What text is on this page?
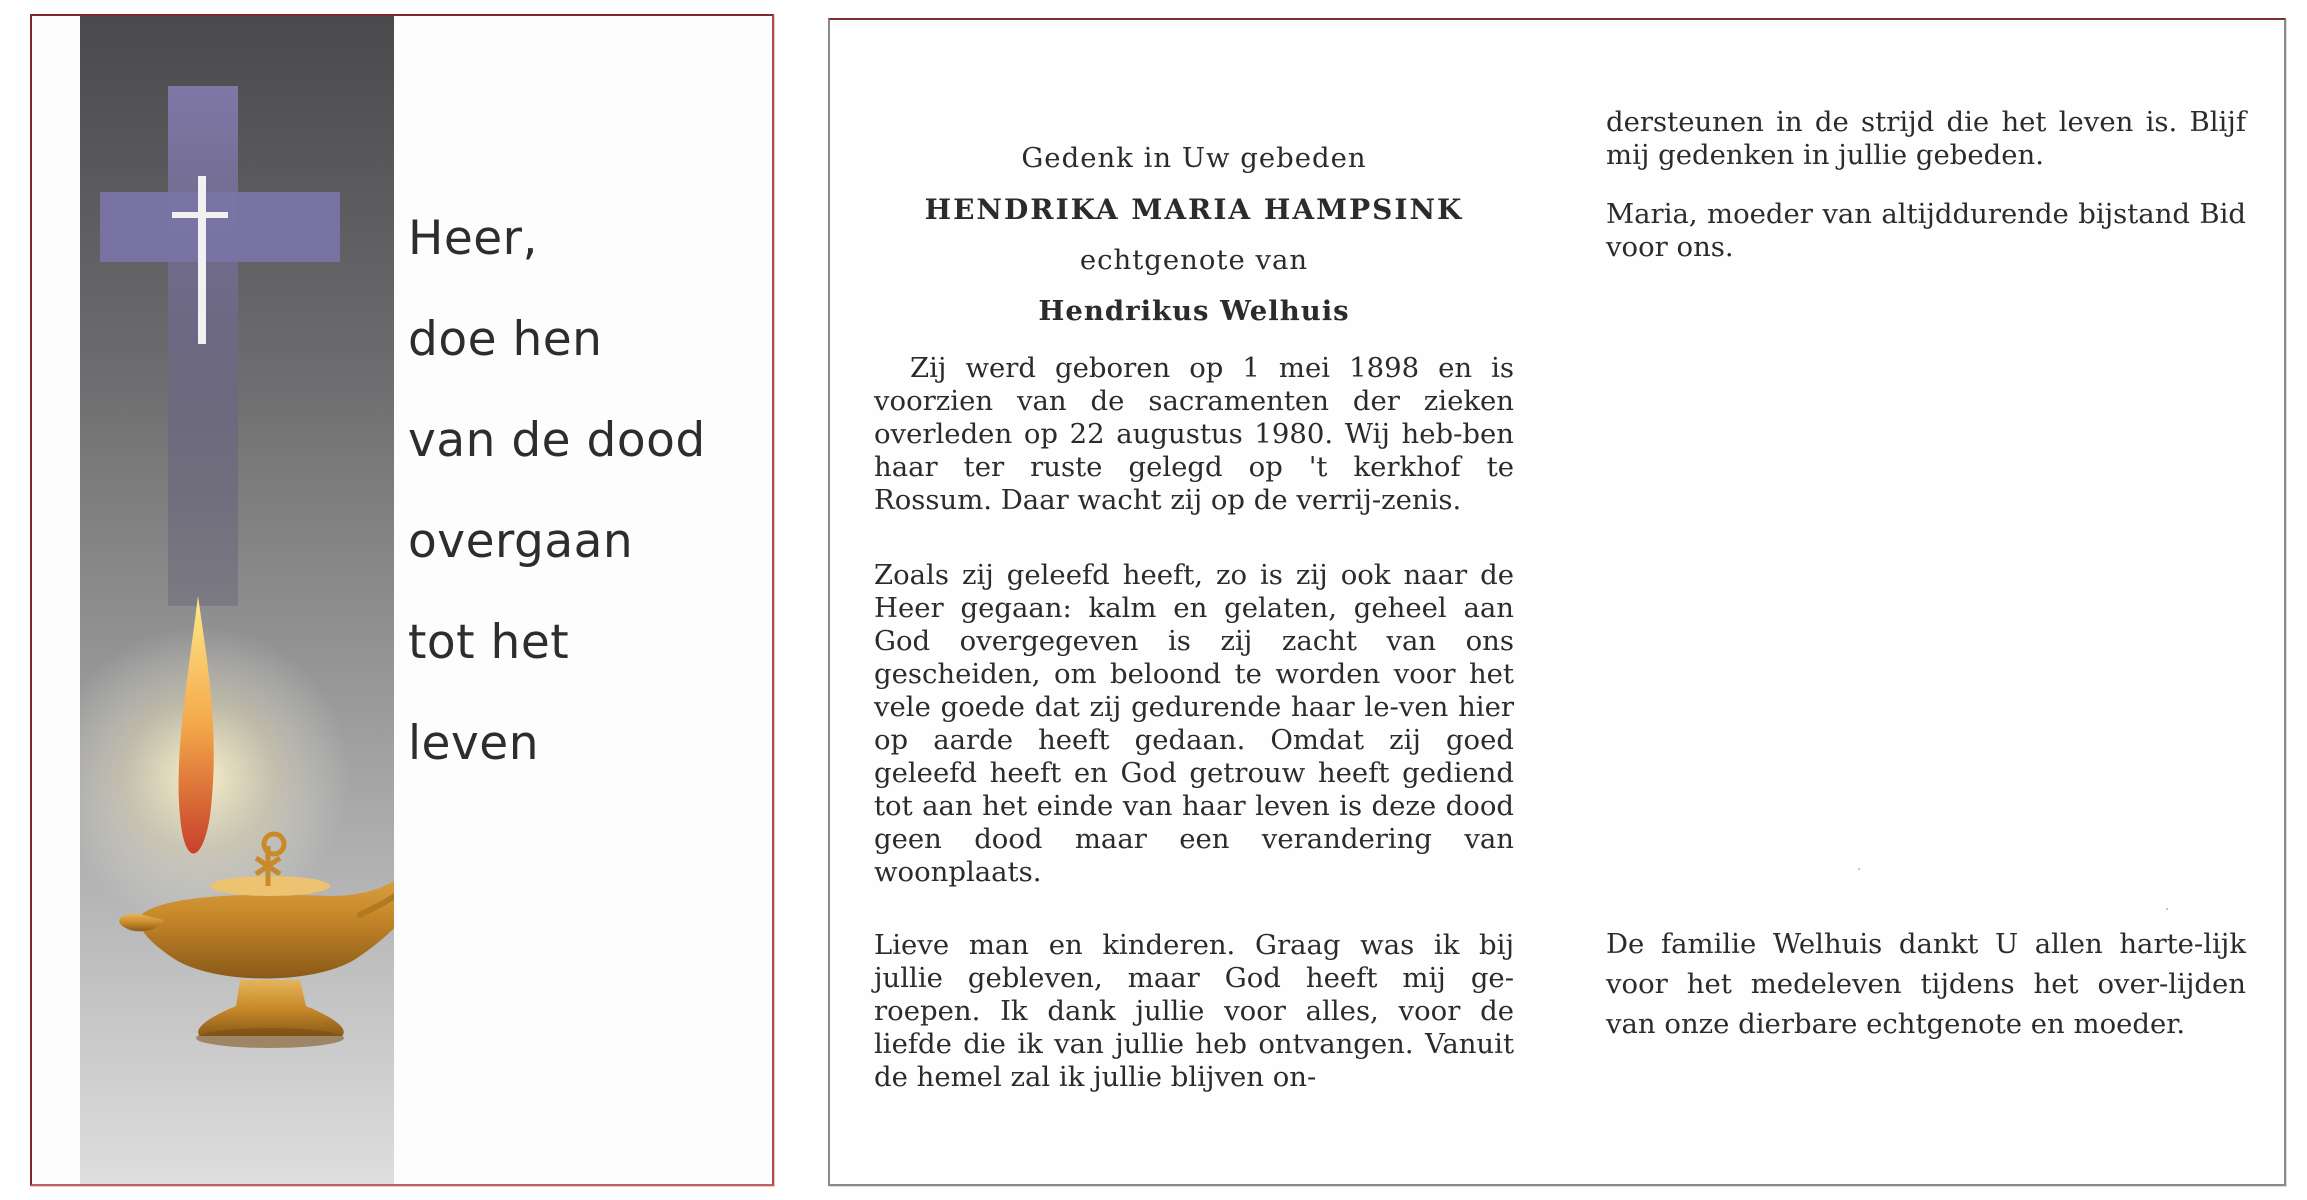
Heer,
doe hen
van de dood
overgaan
tot het
leven
Gedenk in Uw gebeden
HENDRIKA MARIA HAMPSINK
echtgenote van
Hendrikus Welhuis

Zij werd geboren op 1 mei 1898 en is voorzien van de sacramenten der zieken overleden op 22 augustus 1980. Wij heb-ben haar ter ruste gelegd op 't kerkhof te Rossum. Daar wacht zij op de verrij-zenis.

Zoals zij geleefd heeft, zo is zij ook naar de Heer gegaan: kalm en gelaten, geheel aan God overgegeven is zij zacht van ons gescheiden, om beloond te worden voor het vele goede dat zij gedurende haar le-ven hier op aarde heeft gedaan. Omdat zij goed geleefd heeft en God getrouw heeft gediend tot aan het einde van haar leven is deze dood geen dood maar een verandering van woonplaats.

Lieve man en kinderen. Graag was ik bij jullie gebleven, maar God heeft mij ge-roepen. Ik dank jullie voor alles, voor de liefde die ik van jullie heb ontvangen. Vanuit de hemel zal ik jullie blijven on-

dersteunen in de strijd die het leven is. Blijf mij gedenken in jullie gebeden.

Maria, moeder van altijddurende bijstand Bid voor ons.

De familie Welhuis dankt U allen harte-lijk voor het medeleven tijdens het over-lijden van onze dierbare echtgenote en moeder.
